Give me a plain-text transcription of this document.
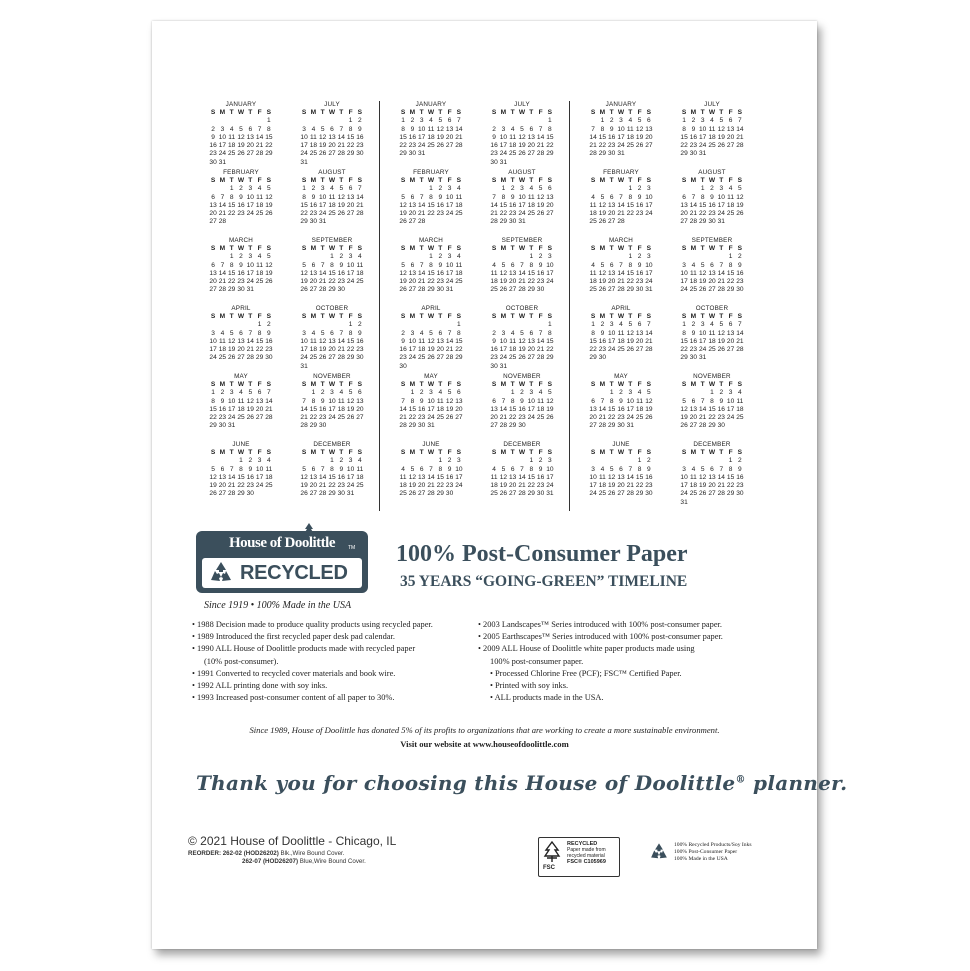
JANUARY
S M T W T F S
1
2 3 4 5 6 7 8
9 10 11 12 13 14 15
16 17 18 19 20 21 22
23 24 25 26 27 28 29
30 31
FEBRUARY
S M T W T F S
1 2 3 4 5
6 7 8 9 10 11 12
13 14 15 16 17 18 19
20 21 22 23 24 25 26
27 28
MARCH
S M T W T F S
1 2 3 4 5
6 7 8 9 10 11 12
13 14 15 16 17 18 19
20 21 22 23 24 25 26
27 28 29 30 31
APRIL
S M T W T F S
1 2
3 4 5 6 7 8 9
10 11 12 13 14 15 16
17 18 19 20 21 22 23
24 25 26 27 28 29 30
MAY
S M T W T F S
1 2 3 4 5 6 7
8 9 10 11 12 13 14
15 16 17 18 19 20 21
22 23 24 25 26 27 28
29 30 31
JUNE
S M T W T F S
1 2 3 4
5 6 7 8 9 10 11
12 13 14 15 16 17 18
19 20 21 22 23 24 25
26 27 28 29 30
JULY
S M T W T F S
1 2
3 4 5 6 7 8 9
10 11 12 13 14 15 16
17 18 19 20 21 22 23
24 25 26 27 28 29 30
31
AUGUST
S M T W T F S
1 2 3 4 5 6 7
8 9 10 11 12 13 14
15 16 17 18 19 20 21
22 23 24 25 26 27 28
29 30 31
SEPTEMBER
S M T W T F S
1 2 3 4
5 6 7 8 9 10 11
12 13 14 15 16 17 18
19 20 21 22 23 24 25
26 27 28 29 30
OCTOBER
S M T W T F S
1 2
3 4 5 6 7 8 9
10 11 12 13 14 15 16
17 18 19 20 21 22 23
24 25 26 27 28 29 30
31
NOVEMBER
S M T W T F S
1 2 3 4 5 6
7 8 9 10 11 12 13
14 15 16 17 18 19 20
21 22 23 24 25 26 27
28 29 30
DECEMBER
S M T W T F S
1 2 3 4
5 6 7 8 9 10 11
12 13 14 15 16 17 18
19 20 21 22 23 24 25
26 27 28 29 30 31
JANUARY
S M T W T F S
1 2 3 4 5 6 7
8 9 10 11 12 13 14
15 16 17 18 19 20 21
22 23 24 25 26 27 28
29 30 31
FEBRUARY
S M T W T F S
1 2 3 4
5 6 7 8 9 10 11
12 13 14 15 16 17 18
19 20 21 22 23 24 25
26 27 28
MARCH
S M T W T F S
1 2 3 4
5 6 7 8 9 10 11
12 13 14 15 16 17 18
19 20 21 22 23 24 25
26 27 28 29 30 31
APRIL
S M T W T F S
1
2 3 4 5 6 7 8
9 10 11 12 13 14 15
16 17 18 19 20 21 22
23 24 25 26 27 28 29
30
MAY
S M T W T F S
1 2 3 4 5 6
7 8 9 10 11 12 13
14 15 16 17 18 19 20
21 22 23 24 25 26 27
28 29 30 31
JUNE
S M T W T F S
1 2 3
4 5 6 7 8 9 10
11 12 13 14 15 16 17
18 19 20 21 22 23 24
25 26 27 28 29 30
JULY
S M T W T F S
1
2 3 4 5 6 7 8
9 10 11 12 13 14 15
16 17 18 19 20 21 22
23 24 25 26 27 28 29
30 31
AUGUST
S M T W T F S
1 2 3 4 5 6
7 8 9 10 11 12 13
14 15 16 17 18 19 20
21 22 23 24 25 26 27
28 29 30 31
SEPTEMBER
S M T W T F S
1 2 3
4 5 6 7 8 9 10
11 12 13 14 15 16 17
18 19 20 21 22 23 24
25 26 27 28 29 30
OCTOBER
S M T W T F S
1
2 3 4 5 6 7 8
9 10 11 12 13 14 15
16 17 18 19 20 21 22
23 24 25 26 27 28 29
30 31
NOVEMBER
S M T W T F S
1 2 3 4 5
6 7 8 9 10 11 12
13 14 15 16 17 18 19
20 21 22 23 24 25 26
27 28 29 30
DECEMBER
S M T W T F S
1 2 3
4 5 6 7 8 9 10
11 12 13 14 15 16 17
18 19 20 21 22 23 24
25 26 27 28 29 30 31
JANUARY
S M T W T F S
1 2 3 4 5 6
7 8 9 10 11 12 13
14 15 16 17 18 19 20
21 22 23 24 25 26 27
28 29 30 31
FEBRUARY
S M T W T F S
1 2 3
4 5 6 7 8 9 10
11 12 13 14 15 16 17
18 19 20 21 22 23 24
25 26 27 28
MARCH
S M T W T F S
1 2 3
4 5 6 7 8 9 10
11 12 13 14 15 16 17
18 19 20 21 22 23 24
25 26 27 28 29 30 31
APRIL
S M T W T F S
1 2 3 4 5 6 7
8 9 10 11 12 13 14
15 16 17 18 19 20 21
22 23 24 25 26 27 28
29 30
MAY
S M T W T F S
1 2 3 4 5
6 7 8 9 10 11 12
13 14 15 16 17 18 19
20 21 22 23 24 25 26
27 28 29 30 31
JUNE
S M T W T F S
1 2
3 4 5 6 7 8 9
10 11 12 13 14 15 16
17 18 19 20 21 22 23
24 25 26 27 28 29 30
JULY
S M T W T F S
1 2 3 4 5 6 7
8 9 10 11 12 13 14
15 16 17 18 19 20 21
22 23 24 25 26 27 28
29 30 31
AUGUST
S M T W T F S
1 2 3 4 5
6 7 8 9 10 11 12
13 14 15 16 17 18 19
20 21 22 23 24 25 26
27 28 29 30 31
SEPTEMBER
S M T W T F S
1 2
3 4 5 6 7 8 9
10 11 12 13 14 15 16
17 18 19 20 21 22 23
24 25 26 27 28 29 30
OCTOBER
S M T W T F S
1 2 3 4 5 6 7
8 9 10 11 12 13 14
15 16 17 18 19 20 21
22 23 24 25 26 27 28
29 30 31
NOVEMBER
S M T W T F S
1 2 3 4
5 6 7 8 9 10 11
12 13 14 15 16 17 18
19 20 21 22 23 24 25
26 27 28 29 30
DECEMBER
S M T W T F S
1 2
3 4 5 6 7 8 9
10 11 12 13 14 15 16
17 18 19 20 21 22 23
24 25 26 27 28 29 30
31
House of Doolittle	TM
RECYCLED
100% Post-Consumer Paper
35 YEARS “GOING-GREEN” TIMELINE
Since 1919 • 100% Made in the USA
• 1988 Decision made to produce quality products using recycled paper.
• 1989 Introduced the first recycled paper desk pad calendar.
• 1990 ALL House of Doolittle products made with recycled paper
(10% post-consumer).
• 1991 Converted to recycled cover materials and book wire.
• 1992 ALL printing done with soy inks.
• 1993 Increased post-consumer content of all paper to 30%.
• 2003 Landscapes™ Series introduced with 100% post-consumer paper.
• 2005 Earthscapes™ Series introduced with 100% post-consumer paper.
• 2009 ALL House of Doolittle white paper products made using
100% post-consumer paper.
• Processed Chlorine Free (PCF); FSC™ Certified Paper.
• Printed with soy inks.
• ALL products made in the USA.
Since 1989, House of Doolittle has donated 5% of its profits to organizations that are working to create a more sustainable environment.
Visit our website at www.houseofdoolittle.com
Thank you for choosing this House of Doolittle® planner.
© 2021 House of Doolittle - Chicago, IL
REORDER: 262-02 (HOD26202) Blk.,Wire Bound Cover.
262-07 (HOD26207) Blue,Wire Bound Cover.
FSC
RECYCLED
Paper made from
recycled material
FSC® C105969
100% Recycled Products/Soy Inks
100% Post-Consumer Paper
100% Made in the USA
